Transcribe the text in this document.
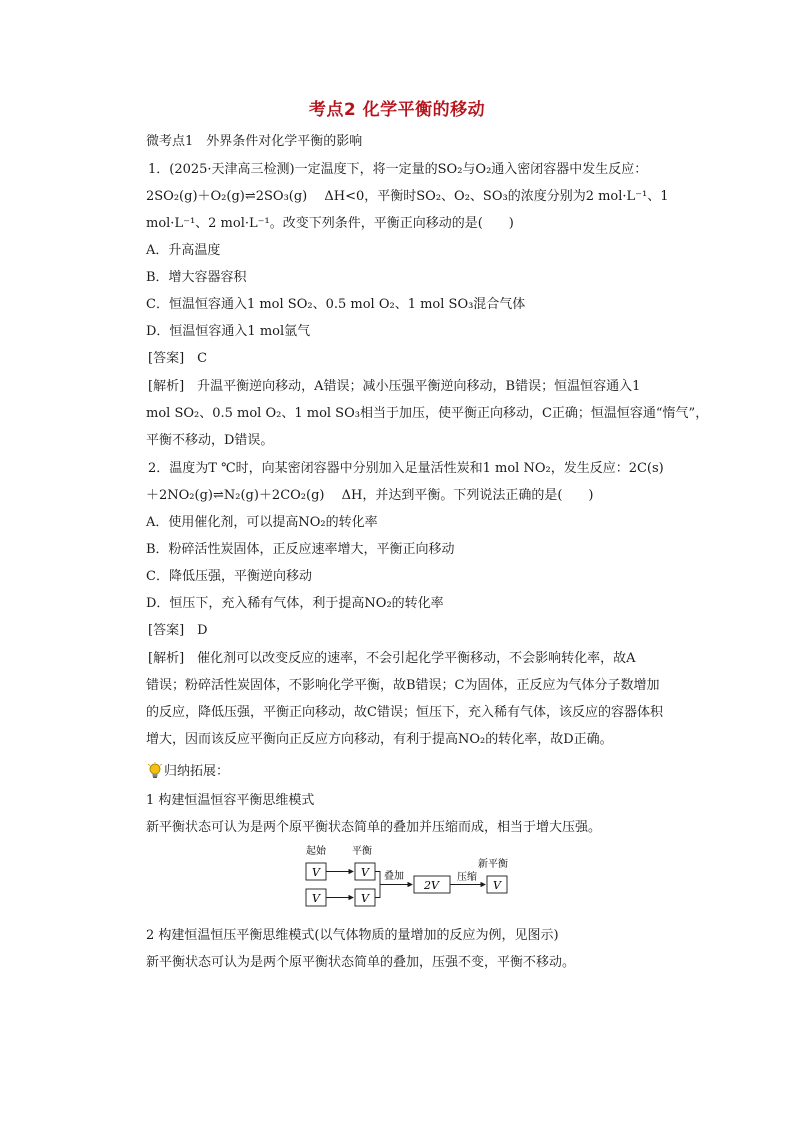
考点2 化学平衡的移动
微考点1　外界条件对化学平衡的影响
1．(2025·天津高三检测)一定温度下，将一定量的SO₂与O₂通入密闭容器中发生反应：
2SO₂(g)＋O₂(g)⇌2SO₃(g)　 ΔH<0，平衡时SO₂、O₂、SO₃的浓度分别为2 mol·L⁻¹、1
mol·L⁻¹、2 mol·L⁻¹。改变下列条件，平衡正向移动的是(　　)
A．升高温度
B．增大容器容积
C．恒温恒容通入1 mol SO₂、0.5 mol O₂、1 mol SO₃混合气体
D．恒温恒容通入1 mol氩气
[答案]　 C
[解析]　 升温平衡逆向移动，A错误；减小压强平衡逆向移动，B错误；恒温恒容通入1
mol SO₂、0.5 mol O₂、1 mol SO₃相当于加压，使平衡正向移动，C正确；恒温恒容通“惰气”，
平衡不移动，D错误。
2．温度为T ℃时，向某密闭容器中分别加入足量活性炭和1 mol NO₂，发生反应：2C(s)
＋2NO₂(g)⇌N₂(g)＋2CO₂(g)　 ΔH，并达到平衡。下列说法正确的是(　　)
A．使用催化剂，可以提高NO₂的转化率
B．粉碎活性炭固体，正反应速率增大，平衡正向移动
C．降低压强，平衡逆向移动
D．恒压下，充入稀有气体，利于提高NO₂的转化率
[答案]　 D
[解析]　 催化剂可以改变反应的速率，不会引起化学平衡移动，不会影响转化率，故A
错误；粉碎活性炭固体，不影响化学平衡，故B错误；C为固体，正反应为气体分子数增加
的反应，降低压强，平衡正向移动，故C错误；恒压下，充入稀有气体，该反应的容器体积
增大，因而该反应平衡向正反应方向移动，有利于提高NO₂的转化率，故D正确。
归纳拓展：
1 构建恒温恒容平衡思维模式
新平衡状态可认为是两个原平衡状态简单的叠加并压缩而成，相当于增大压强。
起始	平衡
新平衡
V
V
V
V
叠加
2V
压缩
V
2 构建恒温恒压平衡思维模式(以气体物质的量增加的反应为例，见图示)
新平衡状态可认为是两个原平衡状态简单的叠加，压强不变，平衡不移动。
